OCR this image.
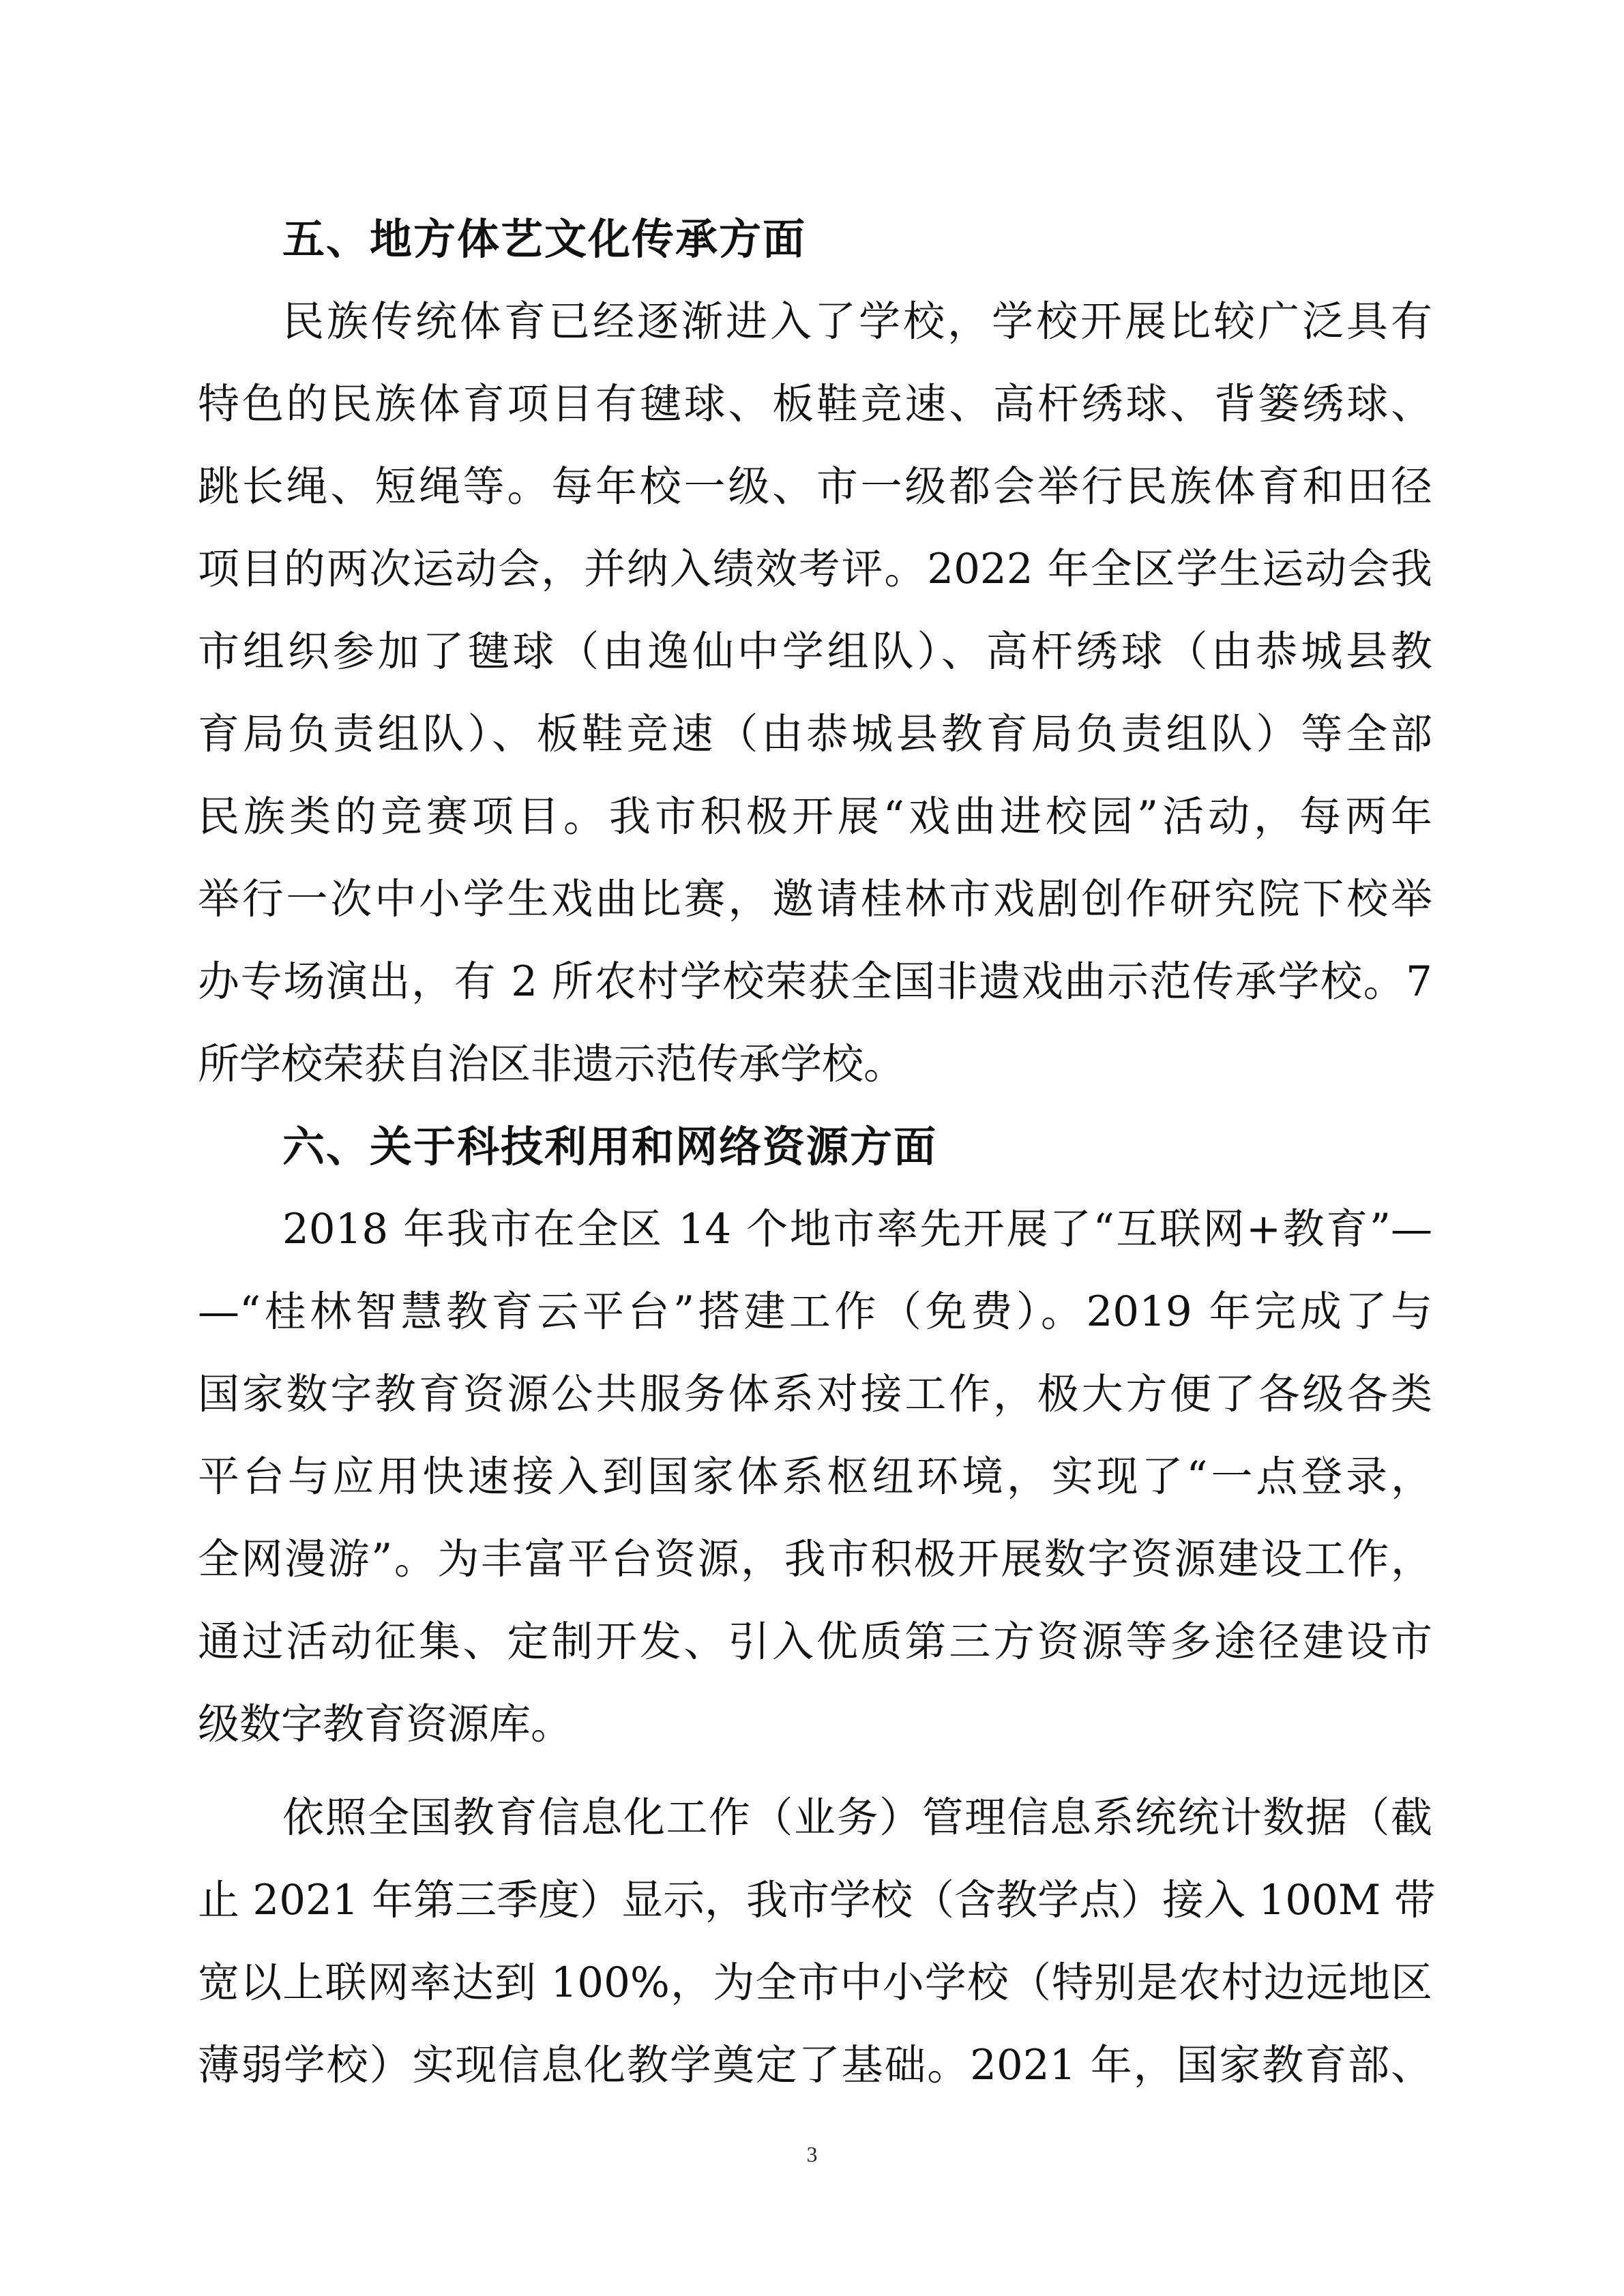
五、地方体艺文化传承方面
民族传统体育已经逐渐进入了学校，学校开展比较广泛具有
特色的民族体育项目有毽球、板鞋竞速、高杆绣球、背篓绣球、
跳长绳、短绳等。每年校一级、市一级都会举行民族体育和田径
项目的两次运动会，并纳入绩效考评。2022 年全区学生运动会我
市组织参加了毽球（由逸仙中学组队）、高杆绣球（由恭城县教
育局负责组队）、板鞋竞速（由恭城县教育局负责组队）等全部
民族类的竞赛项目。我市积极开展“戏曲进校园”活动，每两年
举行一次中小学生戏曲比赛，邀请桂林市戏剧创作研究院下校举
办专场演出，有 2 所农村学校荣获全国非遗戏曲示范传承学校。7
所学校荣获自治区非遗示范传承学校。
六、关于科技利用和网络资源方面
2018 年我市在全区 14 个地市率先开展了“互联网+教育”—
—“桂林智慧教育云平台”搭建工作（免费）。2019 年完成了与
国家数字教育资源公共服务体系对接工作，极大方便了各级各类
平台与应用快速接入到国家体系枢纽环境，实现了“一点登录，
全网漫游”。为丰富平台资源，我市积极开展数字资源建设工作，
通过活动征集、定制开发、引入优质第三方资源等多途径建设市
级数字教育资源库。
依照全国教育信息化工作（业务）管理信息系统统计数据（截
止 2021 年第三季度）显示，我市学校（含教学点）接入 100M 带
宽以上联网率达到 100%，为全市中小学校（特别是农村边远地区
薄弱学校）实现信息化教学奠定了基础。2021 年，国家教育部、
3
